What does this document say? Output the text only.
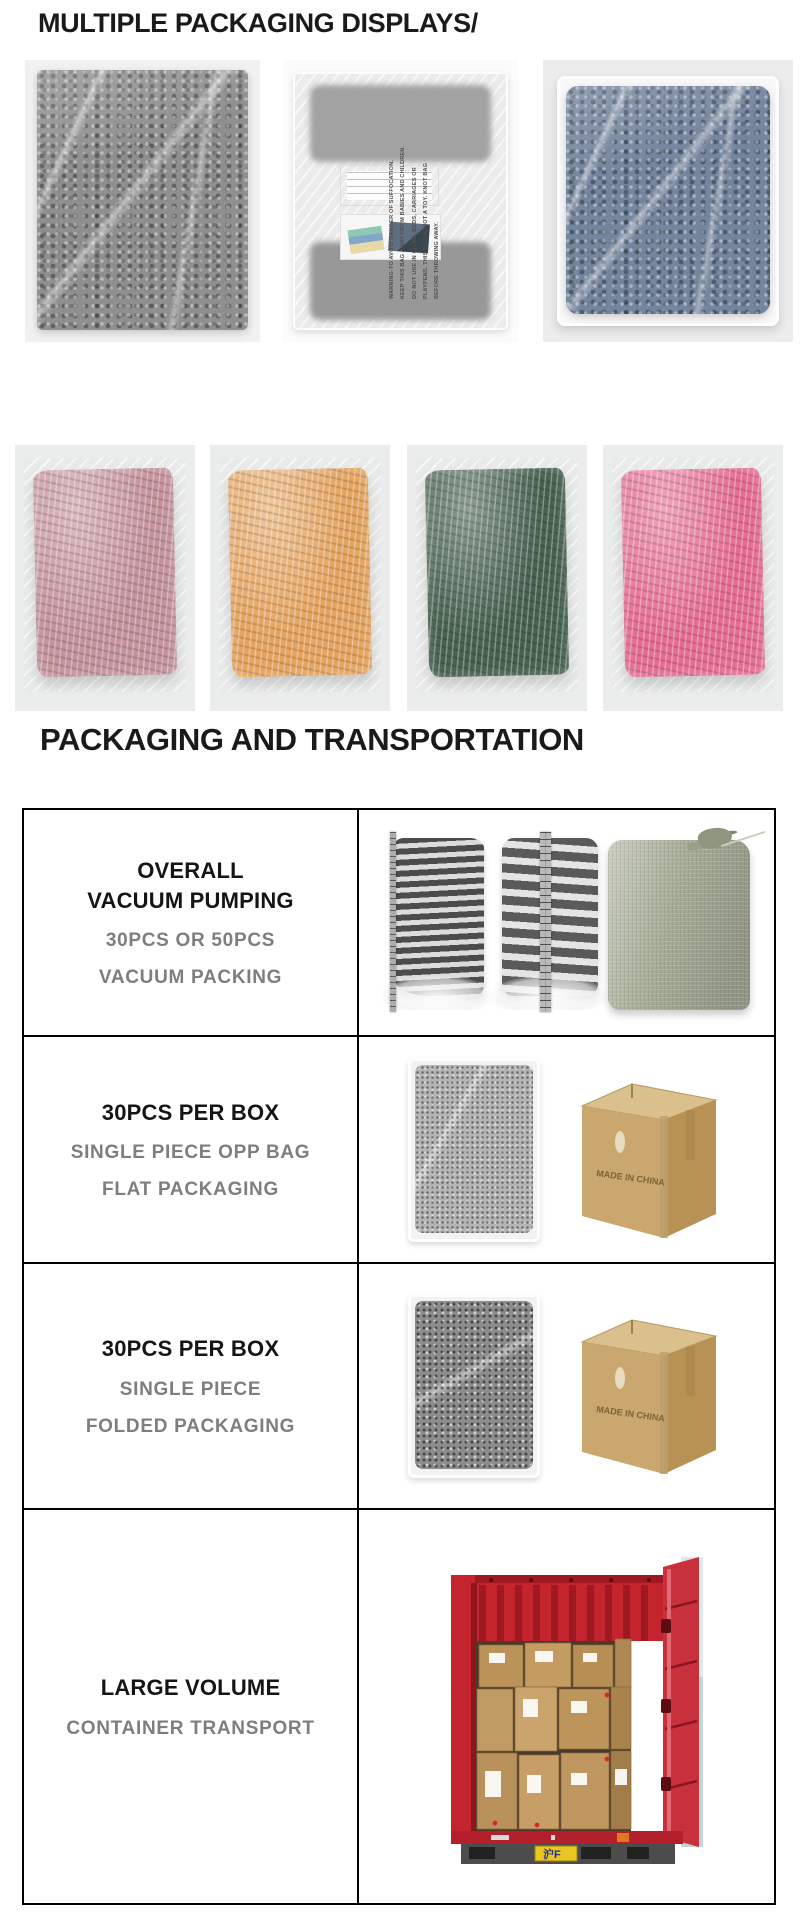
MULTIPLE PACKAGING DISPLAYS/
WARNING-TO AVOID DANGER OF SUFFOCATION, KEEP THIS BAG AWAY FROM BABIES AND CHILDREN. DO NOT USE IN CRIBS, BEDS, CARRIAGES OR PLAYPENS. THIS BAG IS NOT A TOY. KNOT BAG BEFORE THROWING AWAY.
PACKAGING AND TRANSPORTATION
OVERALL
VACUUM PUMPING
30PCS OR 50PCS
VACUUM PACKING
30PCS PER BOX
SINGLE PIECE OPP BAG
FLAT PACKAGING
MADE IN CHINA
30PCS PER BOX
SINGLE PIECE
FOLDED PACKAGING
MADE IN CHINA
LARGE VOLUME
CONTAINER TRANSPORT
沪F
